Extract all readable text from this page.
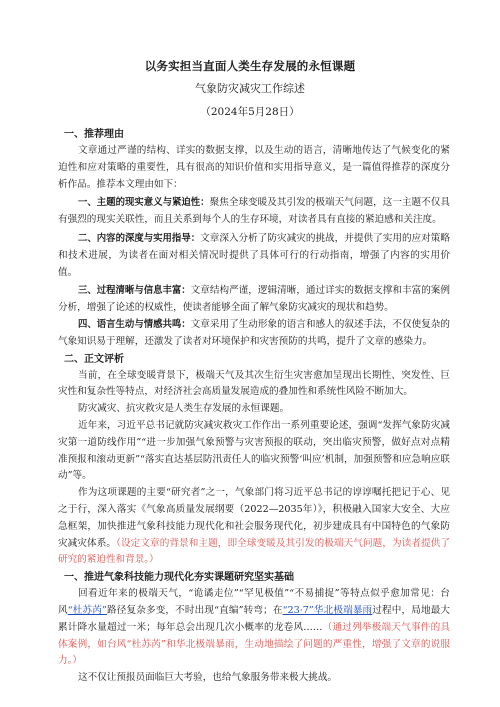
以务实担当直面人类生存发展的永恒课题
气象防灾减灾工作综述
（2024年5月28日）

一、推荐理由

文章通过严谨的结构、详实的数据支撑，以及生动的语言，清晰地传达了气候变化的紧迫性和应对策略的重要性，具有很高的知识价值和实用指导意义，是一篇值得推荐的深度分析作品。推荐本文理由如下：

一、主题的现实意义与紧迫性：聚焦全球变暖及其引发的极端天气问题，这一主题不仅具有强烈的现实关联性，而且关系到每个人的生存环境，对读者具有直接的紧迫感和关注度。

二、内容的深度与实用指导：文章深入分析了防灾减灾的挑战，并提供了实用的应对策略和技术进展，为读者在面对相关情况时提供了具体可行的行动指南，增强了内容的实用价值。

三、过程清晰与信息丰富：文章结构严谨，逻辑清晰，通过详实的数据支撑和丰富的案例分析，增强了论述的权威性，使读者能够全面了解气象防灾减灾的现状和趋势。

四、语言生动与情感共鸣：文章采用了生动形象的语言和感人的叙述手法，不仅使复杂的气象知识易于理解，还激发了读者对环境保护和灾害预防的共鸣，提升了文章的感染力。

二、正文评析

当前，在全球变暖背景下，极端天气及其次生衍生灾害愈加呈现出长期性、突发性、巨灾性和复杂性等特点，对经济社会高质量发展造成的叠加性和系统性风险不断加大。

防灾减灾、抗灾救灾是人类生存发展的永恒课题。

近年来，习近平总书记就防灾减灾救灾工作作出一系列重要论述，强调“发挥气象防灾减灾第一道防线作用”“进一步加强气象预警与灾害预报的联动，突出临灾预警，做好点对点精准预报和滚动更新”“落实直达基层防汛责任人的临灾预警‘叫应’机制，加强预警和应急响应联动”等。

作为这项课题的主要“研究者”之一，气象部门将习近平总书记的谆谆嘱托把记于心、见之于行，深入落实《气象高质量发展纲要（2022—2035年）》，积极融入国家大安全、大应急框架，加快推进气象科技能力现代化和社会服务现代化，初步建成具有中国特色的气象防灾减灾体系。（设定文章的背景和主题，即全球变暖及其引发的极端天气问题，为读者提供了研究的紧迫性和背景。）

一、推进气象科技能力现代化夯实课题研究坚实基础

回看近年来的极端天气，“诡谲走位”“罕见极值”“不易捕捉”等特点似乎愈加常见：台风“杜苏芮”路径复杂多变，不时出现“直编”转弯；在“23·7”华北极端暴雨过程中，局地最大累计降水量超过一米；每年总会出现几次小概率的龙卷风……（通过列举极端天气事件的具体案例，如台风“杜苏芮”和华北极端暴雨，生动地描绘了问题的严重性，增强了文章的说服力。）

这不仅让预报员面临巨大考验，也给气象服务带来极大挑战。
